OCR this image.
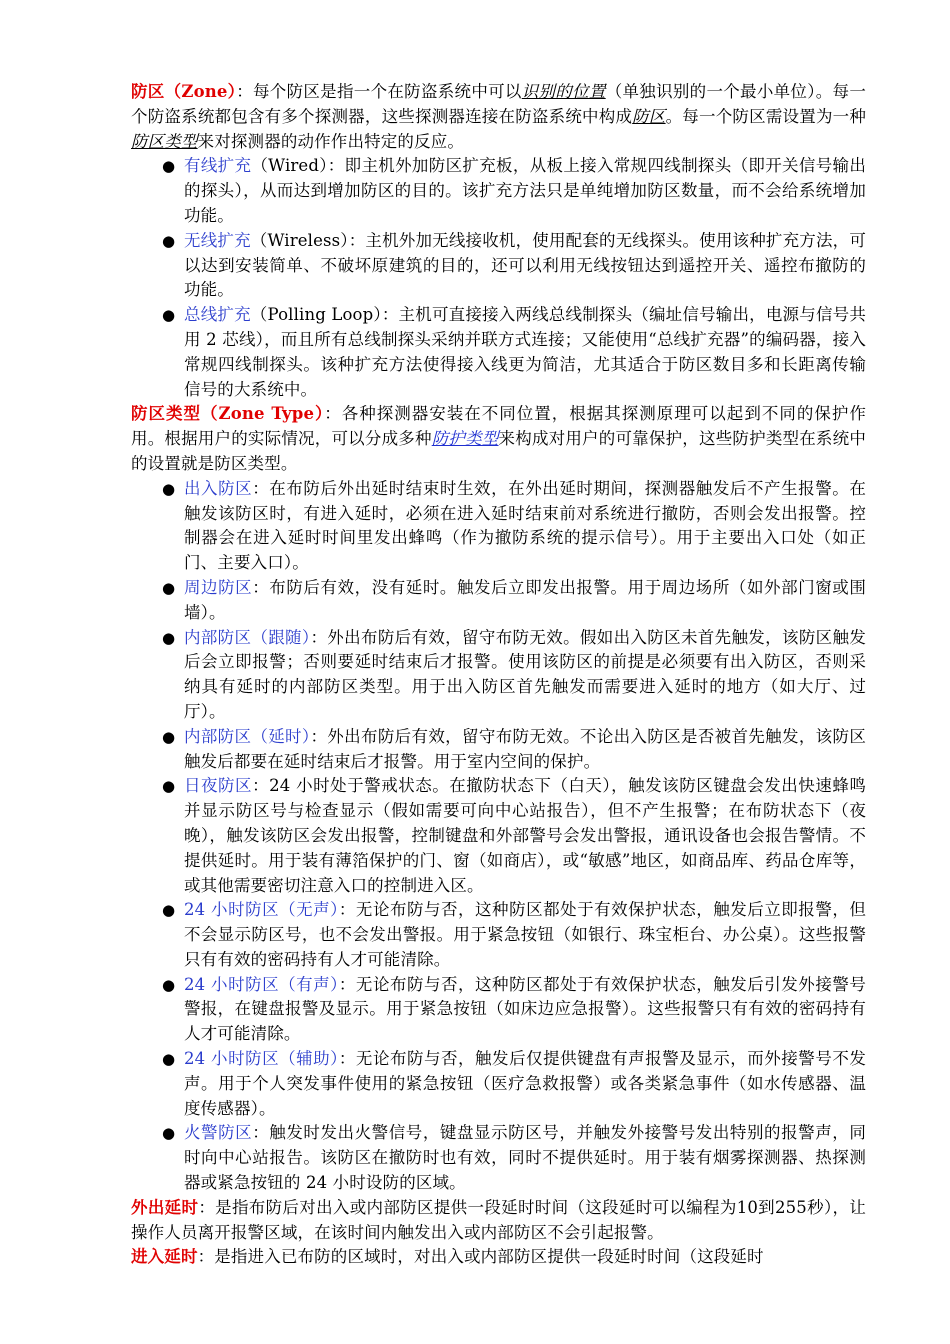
防区（Zone）：每个防区是指一个在防盗系统中可以识别的位置（单独识别的一个最小单位）。每一个防盗系统都包含有多个探测器，这些探测器连接在防盗系统中构成防区。每一个防区需设置为一种防区类型来对探测器的动作作出特定的反应。

● 有线扩充（Wired）：即主机外加防区扩充板，从板上接入常规四线制探头（即开关信号输出的探头），从而达到增加防区的目的。该扩充方法只是单纯增加防区数量，而不会给系统增加功能。
● 无线扩充（Wireless）：主机外加无线接收机，使用配套的无线探头。使用该种扩充方法，可以达到安装简单、不破坏原建筑的目的，还可以利用无线按钮达到遥控开关、遥控布撤防的功能。
● 总线扩充（Polling Loop）：主机可直接接入两线总线制探头（编址信号输出，电源与信号共用 2 芯线），而且所有总线制探头采纳并联方式连接；又能使用“总线扩充器”的编码器，接入常规四线制探头。该种扩充方法使得接入线更为简洁，尤其适合于防区数目多和长距离传输信号的大系统中。

防区类型（Zone Type）：各种探测器安装在不同位置，根据其探测原理可以起到不同的保护作用。根据用户的实际情况，可以分成多种防护类型来构成对用户的可靠保护，这些防护类型在系统中的设置就是防区类型。

● 出入防区：在布防后外出延时结束时生效，在外出延时期间，探测器触发后不产生报警。在触发该防区时，有进入延时，必须在进入延时结束前对系统进行撤防，否则会发出报警。控制器会在进入延时时间里发出蜂鸣（作为撤防系统的提示信号）。用于主要出入口处（如正门、主要入口）。
● 周边防区：布防后有效，没有延时。触发后立即发出报警。用于周边场所（如外部门窗或围墙）。
● 内部防区（跟随）：外出布防后有效，留守布防无效。假如出入防区未首先触发，该防区触发后会立即报警；否则要延时结束后才报警。使用该防区的前提是必须要有出入防区，否则采纳具有延时的内部防区类型。用于出入防区首先触发而需要进入延时的地方（如大厅、过厅）。
● 内部防区（延时）：外出布防后有效，留守布防无效。不论出入防区是否被首先触发，该防区触发后都要在延时结束后才报警。用于室内空间的保护。
● 日夜防区：24 小时处于警戒状态。在撤防状态下（白天），触发该防区键盘会发出快速蜂鸣并显示防区号与检查显示（假如需要可向中心站报告），但不产生报警；在布防状态下（夜晚），触发该防区会发出报警，控制键盘和外部警号会发出警报，通讯设备也会报告警情。不提供延时。用于装有薄箔保护的门、窗（如商店），或“敏感”地区，如商品库、药品仓库等，或其他需要密切注意入口的控制进入区。
● 24 小时防区（无声）：无论布防与否，这种防区都处于有效保护状态，触发后立即报警，但不会显示防区号，也不会发出警报。用于紧急按钮（如银行、珠宝柜台、办公桌）。这些报警只有有效的密码持有人才可能清除。
● 24 小时防区（有声）：无论布防与否，这种防区都处于有效保护状态，触发后引发外接警号警报，在键盘报警及显示。用于紧急按钮（如床边应急报警）。这些报警只有有效的密码持有人才可能清除。
● 24 小时防区（辅助）：无论布防与否，触发后仅提供键盘有声报警及显示，而外接警号不发声。用于个人突发事件使用的紧急按钮（医疗急救报警）或各类紧急事件（如水传感器、温度传感器）。
● 火警防区：触发时发出火警信号，键盘显示防区号，并触发外接警号发出特别的报警声，同时向中心站报告。该防区在撤防时也有效，同时不提供延时。用于装有烟雾探测器、热探测器或紧急按钮的 24 小时设防的区域。

外出延时：是指布防后对出入或内部防区提供一段延时时间（这段延时可以编程为10到255秒），让操作人员离开报警区域，在该时间内触发出入或内部防区不会引起报警。

进入延时：是指进入已布防的区域时，对出入或内部防区提供一段延时时间（这段延时
